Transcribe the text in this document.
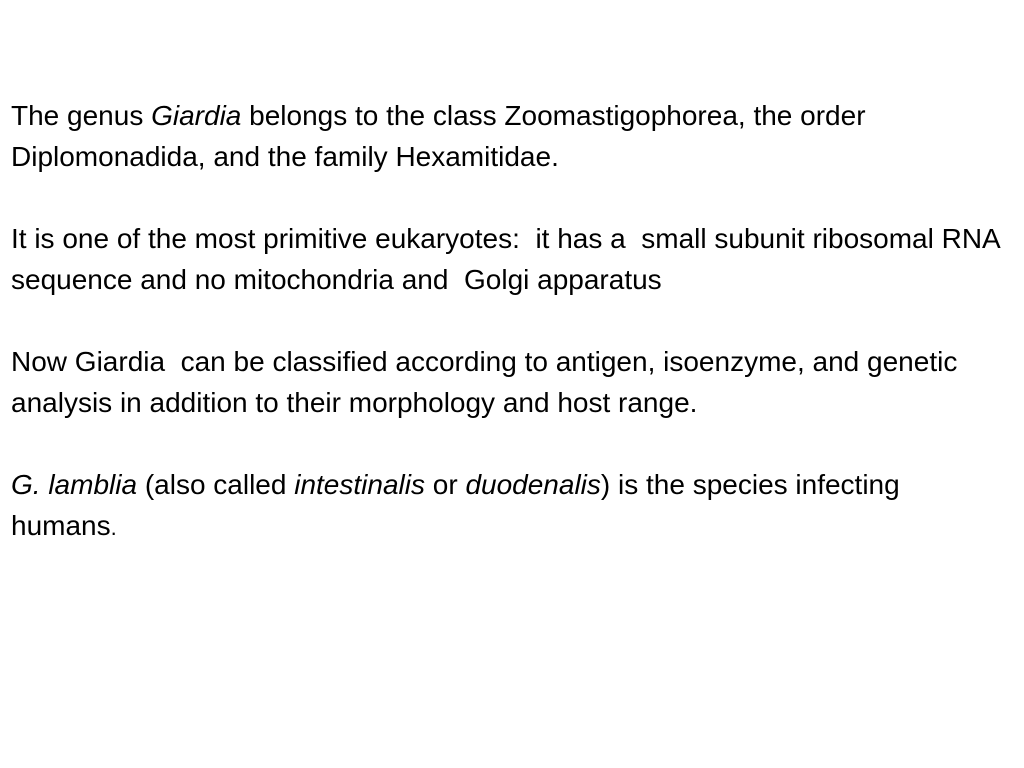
The genus Giardia belongs to the class Zoomastigophorea, the order Diplomonadida, and the family Hexamitidae.

It is one of the most primitive eukaryotes:  it has a  small subunit ribosomal RNA sequence and no mitochondria and  Golgi apparatus

Now Giardia  can be classified according to antigen, isoenzyme, and genetic analysis in addition to their morphology and host range.

G. lamblia (also called intestinalis or duodenalis) is the species infecting humans.
